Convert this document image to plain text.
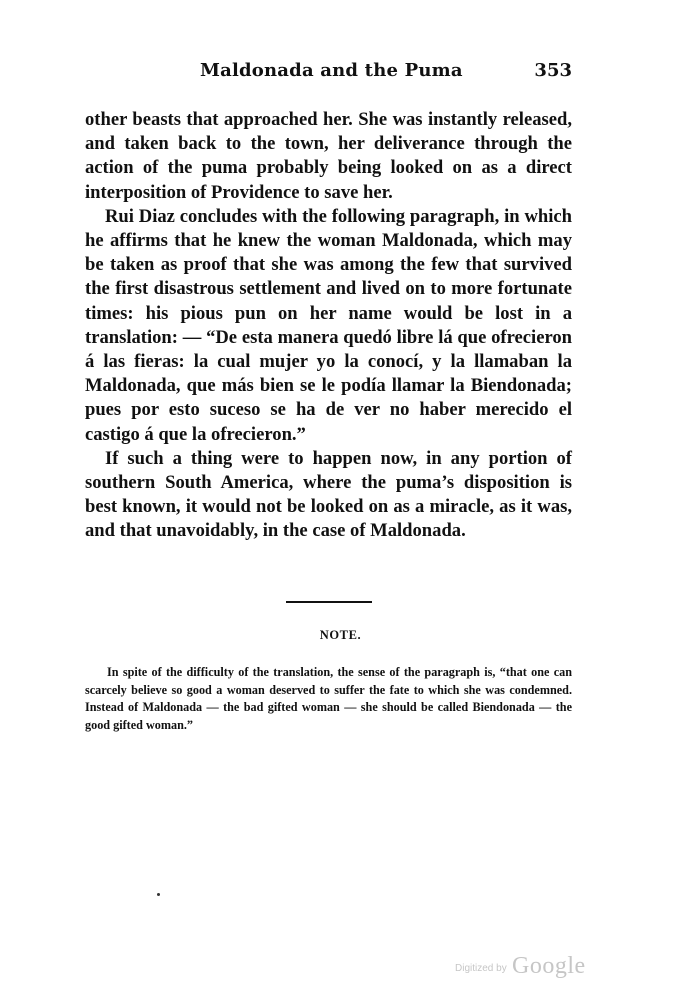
Maldonada and the Puma	353

other beasts that approached her. She was instantly released, and taken back to the town, her deliverance through the action of the puma probably being looked on as a direct interposition of Providence to save her.

Rui Diaz concludes with the following paragraph, in which he affirms that he knew the woman Maldonada, which may be taken as proof that she was among the few that survived the first disastrous settlement and lived on to more fortunate times: his pious pun on her name would be lost in a translation: — “De esta manera quedó libre lá que ofrecieron á las fieras: la cual mujer yo la conocí, y la llamaban la Maldonada, que más bien se le podía llamar la Biendonada; pues por esto suceso se ha de ver no haber merecido el castigo á que la ofrecieron.”

If such a thing were to happen now, in any portion of southern South America, where the puma’s disposition is best known, it would not be looked on as a miracle, as it was, and that unavoidably, in the case of Maldonada.

NOTE.

In spite of the difficulty of the translation, the sense of the paragraph is, “that one can scarcely believe so good a woman deserved to suffer the fate to which she was condemned. Instead of Maldonada — the bad gifted woman — she should be called Biendonada — the good gifted woman.”

Digitized by Google
